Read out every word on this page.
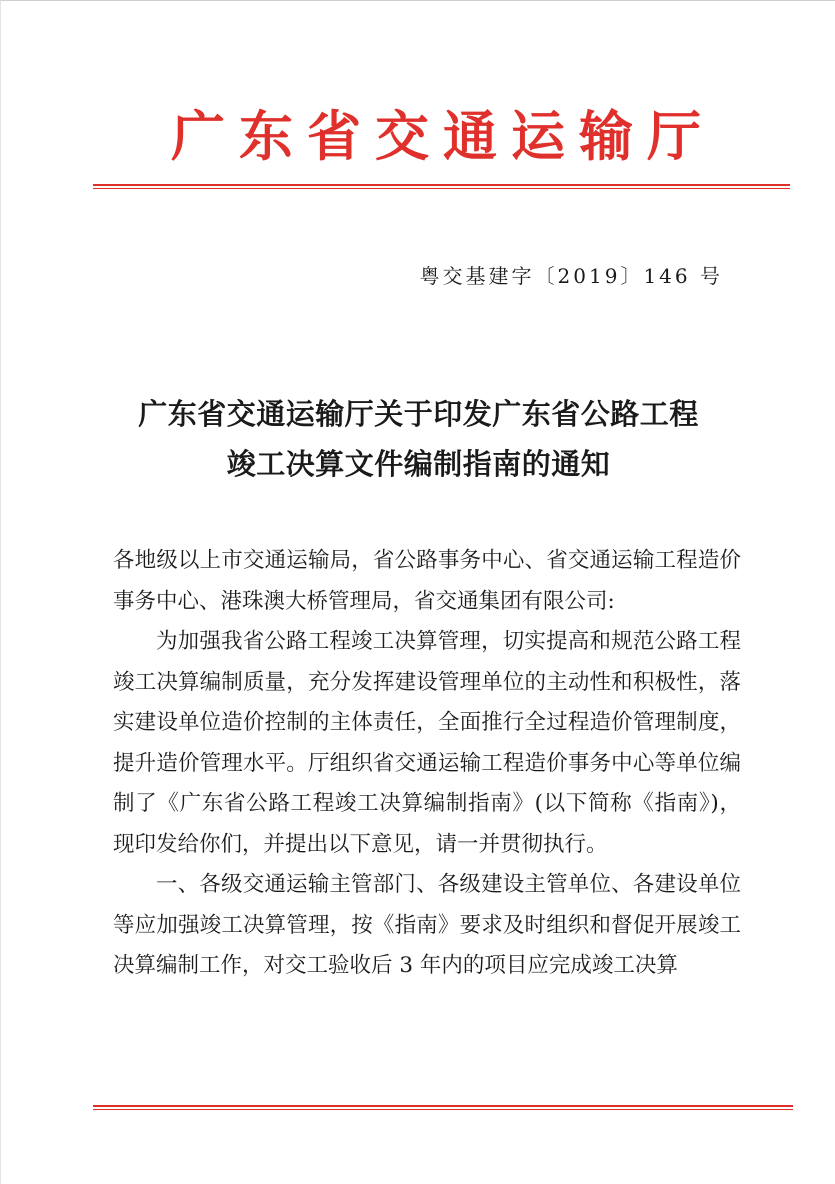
广东省交通运输厅
粤交基建字〔2019〕146 号
广东省交通运输厅关于印发广东省公路工程
竣工决算文件编制指南的通知

各地级以上市交通运输局，省公路事务中心、省交通运输工程造价事务中心、港珠澳大桥管理局，省交通集团有限公司:

为加强我省公路工程竣工决算管理，切实提高和规范公路工程竣工决算编制质量，充分发挥建设管理单位的主动性和积极性，落实建设单位造价控制的主体责任，全面推行全过程造价管理制度，提升造价管理水平。厅组织省交通运输工程造价事务中心等单位编制了《广东省公路工程竣工决算编制指南》(以下简称《指南》)，现印发给你们，并提出以下意见，请一并贯彻执行。

一、各级交通运输主管部门、各级建设主管单位、各建设单位等应加强竣工决算管理，按《指南》要求及时组织和督促开展竣工决算编制工作，对交工验收后 3 年内的项目应完成竣工决算
